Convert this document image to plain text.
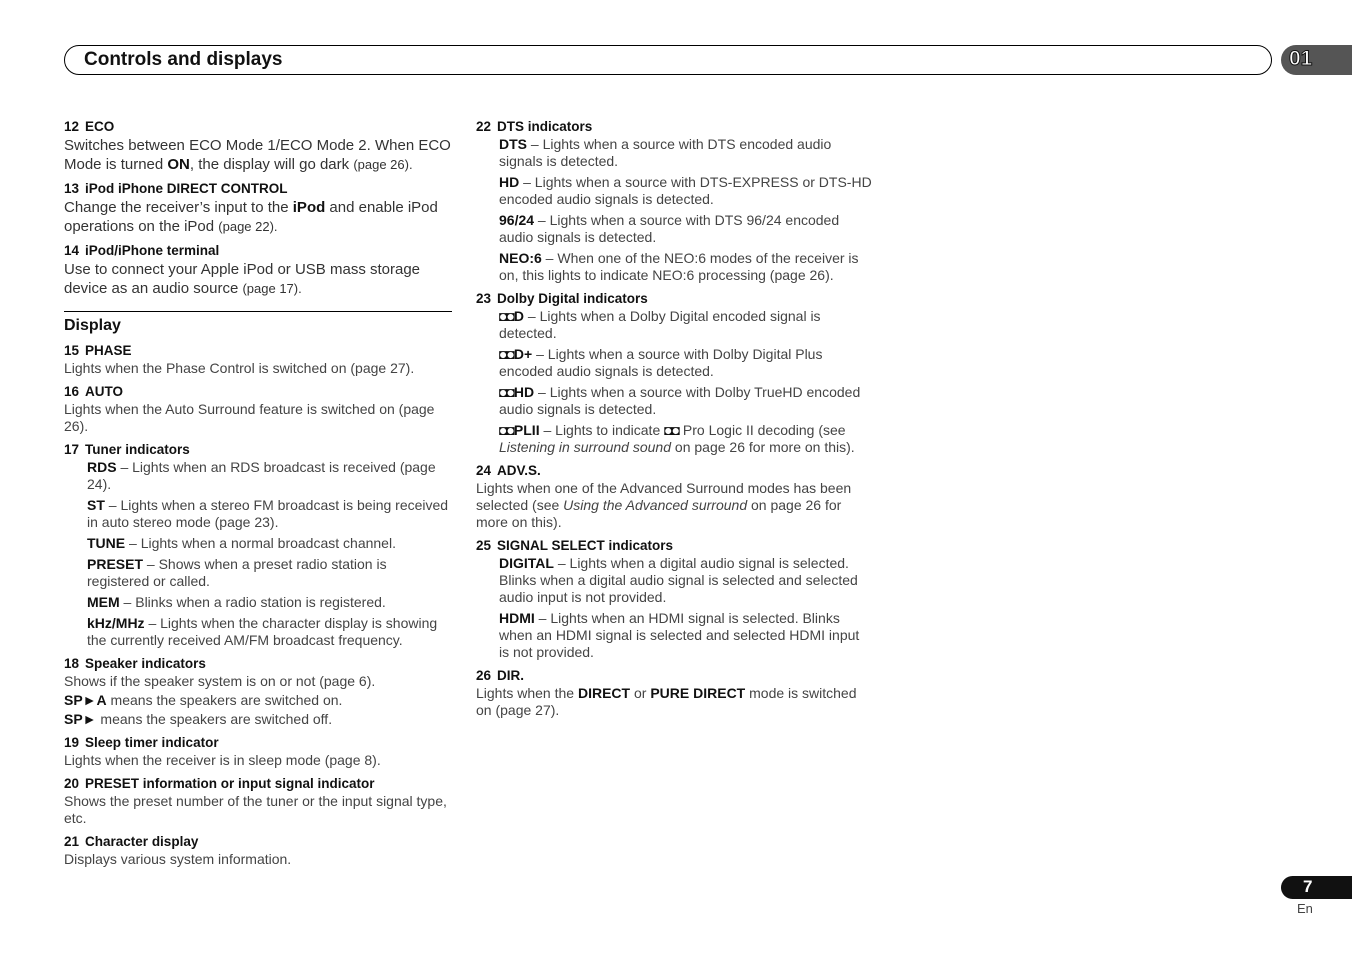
Controls and displays	01
12 ECO
Switches between ECO Mode 1/ECO Mode 2. When ECO Mode is turned ON, the display will go dark (page 26).
13 iPod iPhone DIRECT CONTROL
Change the receiver’s input to the iPod and enable iPod operations on the iPod (page 22).
14 iPod/iPhone terminal
Use to connect your Apple iPod or USB mass storage device as an audio source (page 17).
Display
15 PHASE
Lights when the Phase Control is switched on (page 27).
16 AUTO
Lights when the Auto Surround feature is switched on (page 26).
17 Tuner indicators
RDS – Lights when an RDS broadcast is received (page 24).
ST – Lights when a stereo FM broadcast is being received in auto stereo mode (page 23).
TUNE – Lights when a normal broadcast channel.
PRESET – Shows when a preset radio station is registered or called.
MEM – Blinks when a radio station is registered.
kHz/MHz – Lights when the character display is showing the currently received AM/FM broadcast frequency.
18 Speaker indicators
Shows if the speaker system is on or not (page 6).
SP►A means the speakers are switched on.
SP► means the speakers are switched off.
19 Sleep timer indicator
Lights when the receiver is in sleep mode (page 8).
20 PRESET information or input signal indicator
Shows the preset number of the tuner or the input signal type, etc.
21 Character display
Displays various system information.
22 DTS indicators
DTS – Lights when a source with DTS encoded audio signals is detected.
HD – Lights when a source with DTS-EXPRESS or DTS-HD encoded audio signals is detected.
96/24 – Lights when a source with DTS 96/24 encoded audio signals is detected.
NEO:6 – When one of the NEO:6 modes of the receiver is on, this lights to indicate NEO:6 processing (page 26).
23 Dolby Digital indicators
◘◘D – Lights when a Dolby Digital encoded signal is detected.
◘◘D+ – Lights when a source with Dolby Digital Plus encoded audio signals is detected.
◘◘HD – Lights when a source with Dolby TrueHD encoded audio signals is detected.
◘◘PLII – Lights to indicate ◘◘ Pro Logic II decoding (see Listening in surround sound on page 26 for more on this).
24 ADV.S.
Lights when one of the Advanced Surround modes has been selected (see Using the Advanced surround on page 26 for more on this).
25 SIGNAL SELECT indicators
DIGITAL – Lights when a digital audio signal is selected. Blinks when a digital audio signal is selected and selected audio input is not provided.
HDMI – Lights when an HDMI signal is selected. Blinks when an HDMI signal is selected and selected HDMI input is not provided.
26 DIR.
Lights when the DIRECT or PURE DIRECT mode is switched on (page 27).
7
En
